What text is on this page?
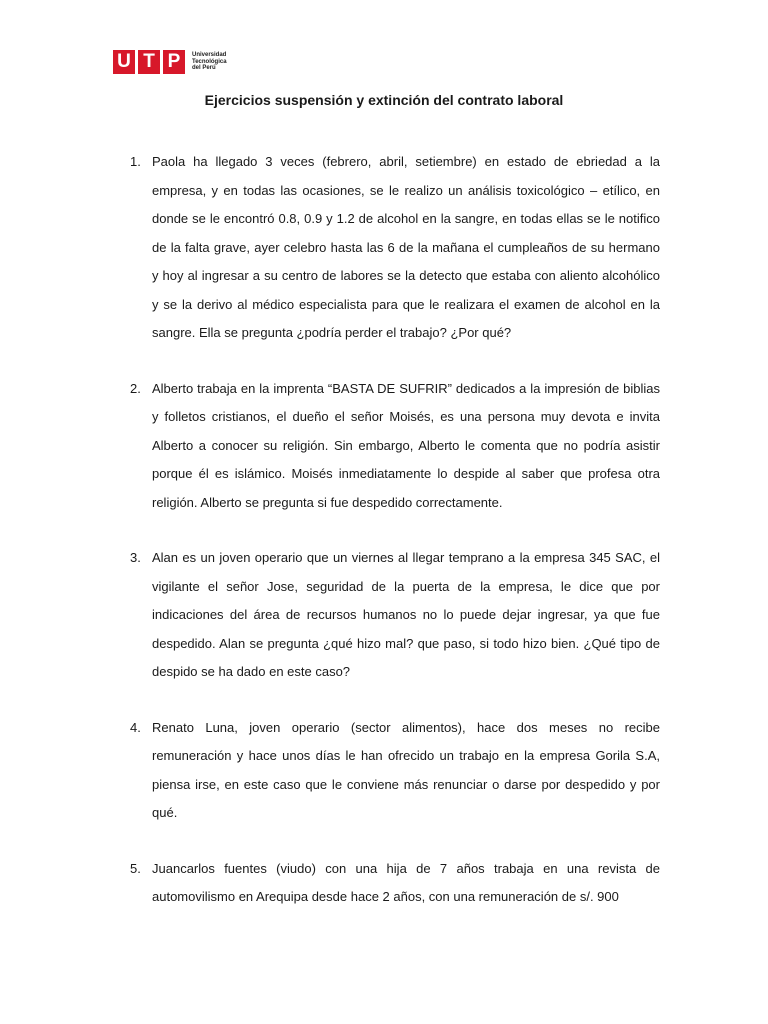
U T P	Universidad
Tecnológica
del Perú
Ejercicios suspensión y extinción del contrato laboral
1. Paola ha llegado 3 veces (febrero, abril, setiembre) en estado de ebriedad a la empresa, y en todas las ocasiones, se le realizo un análisis toxicológico – etílico, en donde se le encontró 0.8, 0.9 y 1.2 de alcohol en la sangre, en todas ellas se le notifico de la falta grave, ayer celebro hasta las 6 de la mañana el cumpleaños de su hermano y hoy al ingresar a su centro de labores se la detecto que estaba con aliento alcohólico y se la derivo al médico especialista para que le realizara el examen de alcohol en la sangre. Ella se pregunta ¿podría perder el trabajo? ¿Por qué?
2. Alberto trabaja en la imprenta “BASTA DE SUFRIR” dedicados a la impresión de biblias y folletos cristianos, el dueño el señor Moisés, es una persona muy devota e invita Alberto a conocer su religión. Sin embargo, Alberto le comenta que no podría asistir porque él es islámico. Moisés inmediatamente lo despide al saber que profesa otra religión. Alberto se pregunta si fue despedido correctamente.
3. Alan es un joven operario que un viernes al llegar temprano a la empresa 345 SAC, el vigilante el señor Jose, seguridad de la puerta de la empresa, le dice que por indicaciones del área de recursos humanos no lo puede dejar ingresar, ya que fue despedido. Alan se pregunta ¿qué hizo mal? que paso, si todo hizo bien. ¿Qué tipo de despido se ha dado en este caso?
4. Renato Luna, joven operario (sector alimentos), hace dos meses no recibe remuneración y hace unos días le han ofrecido un trabajo en la empresa Gorila S.A, piensa irse, en este caso que le conviene más renunciar o darse por despedido y por qué.
5. Juancarlos fuentes (viudo) con una hija de 7 años trabaja en una revista de automovilismo en Arequipa desde hace 2 años, con una remuneración de s/. 900
